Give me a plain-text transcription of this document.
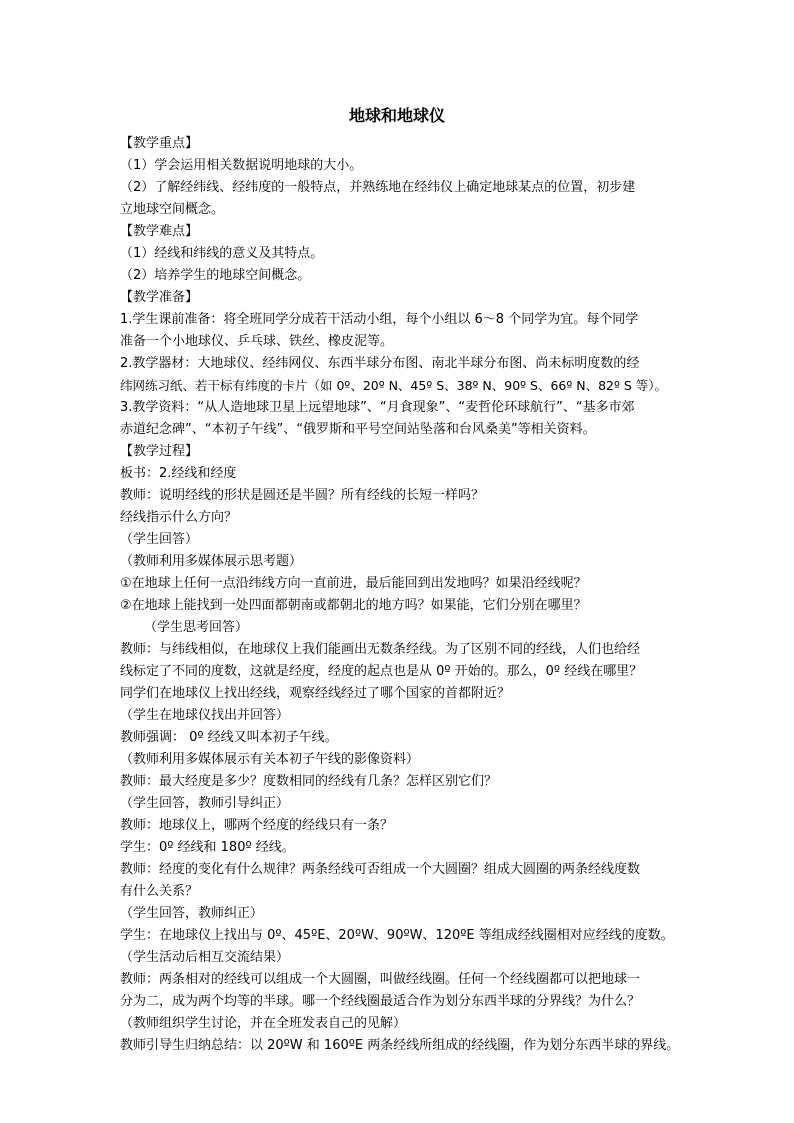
地球和地球仪
【教学重点】
（1）学会运用相关数据说明地球的大小。
（2）了解经纬线、经纬度的一般特点，并熟练地在经纬仪上确定地球某点的位置，初步建
立地球空间概念。
【教学难点】
（1）经线和纬线的意义及其特点。
（2）培养学生的地球空间概念。
【教学准备】
1.学生课前准备：将全班同学分成若干活动小组，每个小组以 6～8 个同学为宜。每个同学
准备一个小地球仪、乒乓球、铁丝、橡皮泥等。
2.教学器材：大地球仪、经纬网仪、东西半球分布图、南北半球分布图、尚未标明度数的经
纬网练习纸、若干标有纬度的卡片（如 0º、20º N、45º S、38º N、90º S、66º N、82º S 等）。
3.教学资料：“从人造地球卫星上远望地球”、“月食现象”、“麦哲伦环球航行”、“基多市郊
赤道纪念碑”、“本初子午线”、“俄罗斯和平号空间站坠落和台风桑美”等相关资料。
【教学过程】
板书：2.经线和经度
教师：说明经线的形状是圆还是半圆？所有经线的长短一样吗？
经线指示什么方向？
（学生回答）
（教师利用多媒体展示思考题）
①在地球上任何一点沿纬线方向一直前进，最后能回到出发地吗？如果沿经线呢？
②在地球上能找到一处四面都朝南或都朝北的地方吗？如果能，它们分别在哪里？
（学生思考回答）
教师：与纬线相似，在地球仪上我们能画出无数条经线。为了区别不同的经线，人们也给经
线标定了不同的度数，这就是经度，经度的起点也是从 0º 开始的。那么，0º 经线在哪里？
同学们在地球仪上找出经线，观察经线经过了哪个国家的首都附近？
（学生在地球仪找出并回答）
教师强调： 0º 经线又叫本初子午线。
（教师利用多媒体展示有关本初子午线的影像资料）
教师：最大经度是多少？度数相同的经线有几条？怎样区别它们？
（学生回答，教师引导纠正）
教师：地球仪上，哪两个经度的经线只有一条？
学生：0º 经线和 180º 经线。
教师：经度的变化有什么规律？两条经线可否组成一个大圆圈？组成大圆圈的两条经线度数
有什么关系？
（学生回答，教师纠正）
学生：在地球仪上找出与 0º、45ºE、20ºW、90ºW、120ºE 等组成经线圈相对应经线的度数。
（学生活动后相互交流结果）
教师：两条相对的经线可以组成一个大圆圈，叫做经线圈。任何一个经线圈都可以把地球一
分为二，成为两个均等的半球。哪一个经线圈最适合作为划分东西半球的分界线？为什么？
（教师组织学生讨论，并在全班发表自己的见解）
教师引导生归纳总结：以 20ºW 和 160ºE 两条经线所组成的经线圈，作为划分东西半球的界线。
